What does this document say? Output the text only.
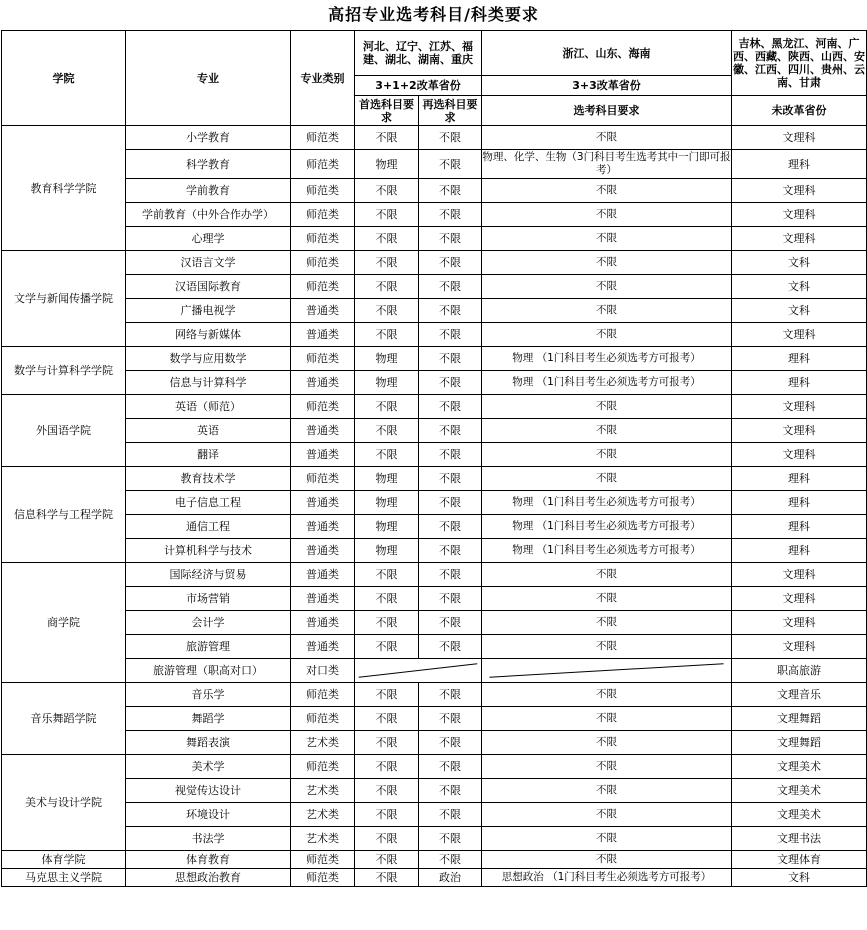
高招专业选考科目/科类要求
学院	专业	专业类别	河北、辽宁、江苏、福建、湖北、湖南、重庆		浙江、山东、海南	吉林、黑龙江、河南、广西、西藏、陕西、山西、安徽、江西、四川、贵州、云南、甘肃
			3+1+2改革省份		3+3改革省份	
			首选科目要求	再选科目要求	选考科目要求	未改革省份
教育科学学院	小学教育	师范类	不限	不限	不限	文理科
	科学教育	师范类	物理	不限	物理、化学、生物（3门科目考生选考其中一门即可报考）	理科
	学前教育	师范类	不限	不限	不限	文理科
	学前教育（中外合作办学）	师范类	不限	不限	不限	文理科
	心理学	师范类	不限	不限	不限	文理科
文学与新闻传播学院	汉语言文学	师范类	不限	不限	不限	文科
	汉语国际教育	师范类	不限	不限	不限	文科
	广播电视学	普通类	不限	不限	不限	文科
	网络与新媒体	普通类	不限	不限	不限	文理科
数学与计算科学学院	数学与应用数学	师范类	物理	不限	物理 （1门科目考生必须选考方可报考）	理科
	信息与计算科学	普通类	物理	不限	物理 （1门科目考生必须选考方可报考）	理科
外国语学院	英语（师范）	师范类	不限	不限	不限	文理科
	英语	普通类	不限	不限	不限	文理科
	翻译	普通类	不限	不限	不限	文理科
信息科学与工程学院	教育技术学	师范类	物理	不限	不限	理科
	电子信息工程	普通类	物理	不限	物理 （1门科目考生必须选考方可报考）	理科
	通信工程	普通类	物理	不限	物理 （1门科目考生必须选考方可报考）	理科
	计算机科学与技术	普通类	物理	不限	物理 （1门科目考生必须选考方可报考）	理科
商学院	国际经济与贸易	普通类	不限	不限	不限	文理科
	市场营销	普通类	不限	不限	不限	文理科
	会计学	普通类	不限	不限	不限	文理科
	旅游管理	普通类	不限	不限	不限	文理科
	旅游管理（职高对口）	对口类				职高旅游
音乐舞蹈学院	音乐学	师范类	不限	不限	不限	文理音乐
	舞蹈学	师范类	不限	不限	不限	文理舞蹈
	舞蹈表演	艺术类	不限	不限	不限	文理舞蹈
美术与设计学院	美术学	师范类	不限	不限	不限	文理美术
	视觉传达设计	艺术类	不限	不限	不限	文理美术
	环境设计	艺术类	不限	不限	不限	文理美术
	书法学	艺术类	不限	不限	不限	文理书法
体育学院	体育教育	师范类	不限	不限	不限	文理体育
马克思主义学院	思想政治教育	师范类	不限	政治	思想政治 （1门科目考生必须选考方可报考）	文科
